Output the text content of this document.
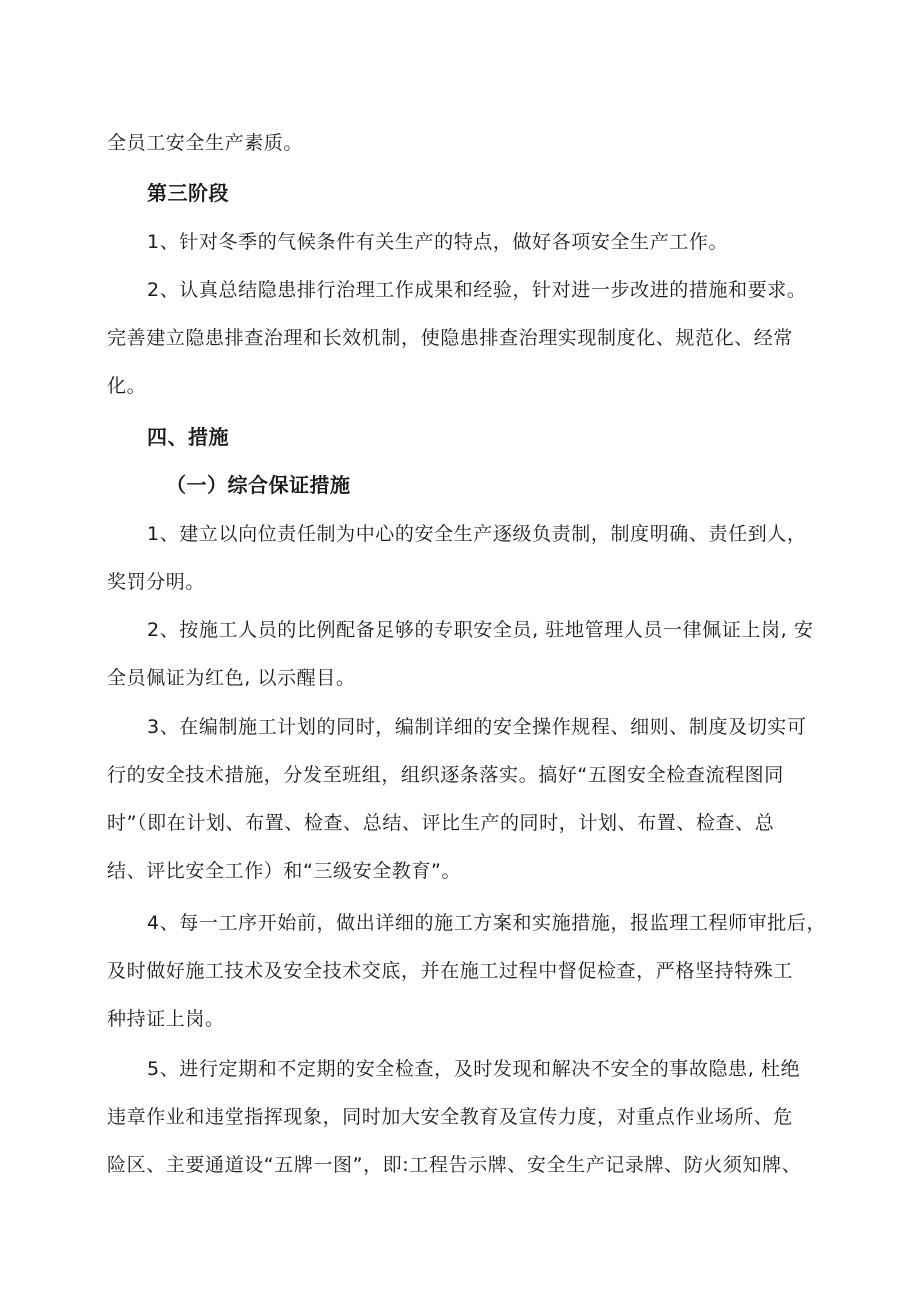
全员工安全生产素质。
第三阶段
1、针对冬季的气候条件有关生产的特点，做好各项安全生产工作。
2、认真总结隐患排行治理工作成果和经验，针对进一步改进的措施和要求。
完善建立隐患排查治理和长效机制，使隐患排查治理实现制度化、规范化、经常
化。
四、措施
（一）综合保证措施
1、建立以向位责任制为中心的安全生产逐级负责制，制度明确、责任到人，
奖罚分明。
2、按施工人员的比例配备足够的专职安全员, 驻地管理人员一律佩证上岗, 安
全员佩证为红色, 以示醒目。
3、在编制施工计划的同时，编制详细的安全操作规程、细则、制度及切实可
行的安全技术措施，分发至班组，组织逐条落实。搞好“五图安全检查流程图同
时”（即在计划、布置、检查、总结、评比生产的同时，计划、布置、检查、总
结、评比安全工作）和“三级安全教育”。
4、每一工序开始前，做出详细的施工方案和实施措施，报监理工程师审批后，
及时做好施工技术及安全技术交底，并在施工过程中督促检查，严格坚持特殊工
种持证上岗。
5、进行定期和不定期的安全检查，及时发现和解决不安全的事故隐患, 杜绝
违章作业和违堂指挥现象，同时加大安全教育及宣传力度，对重点作业场所、危
险区、主要通道设“五牌一图”，即:工程告示牌、安全生产记录牌、防火须知牌、
